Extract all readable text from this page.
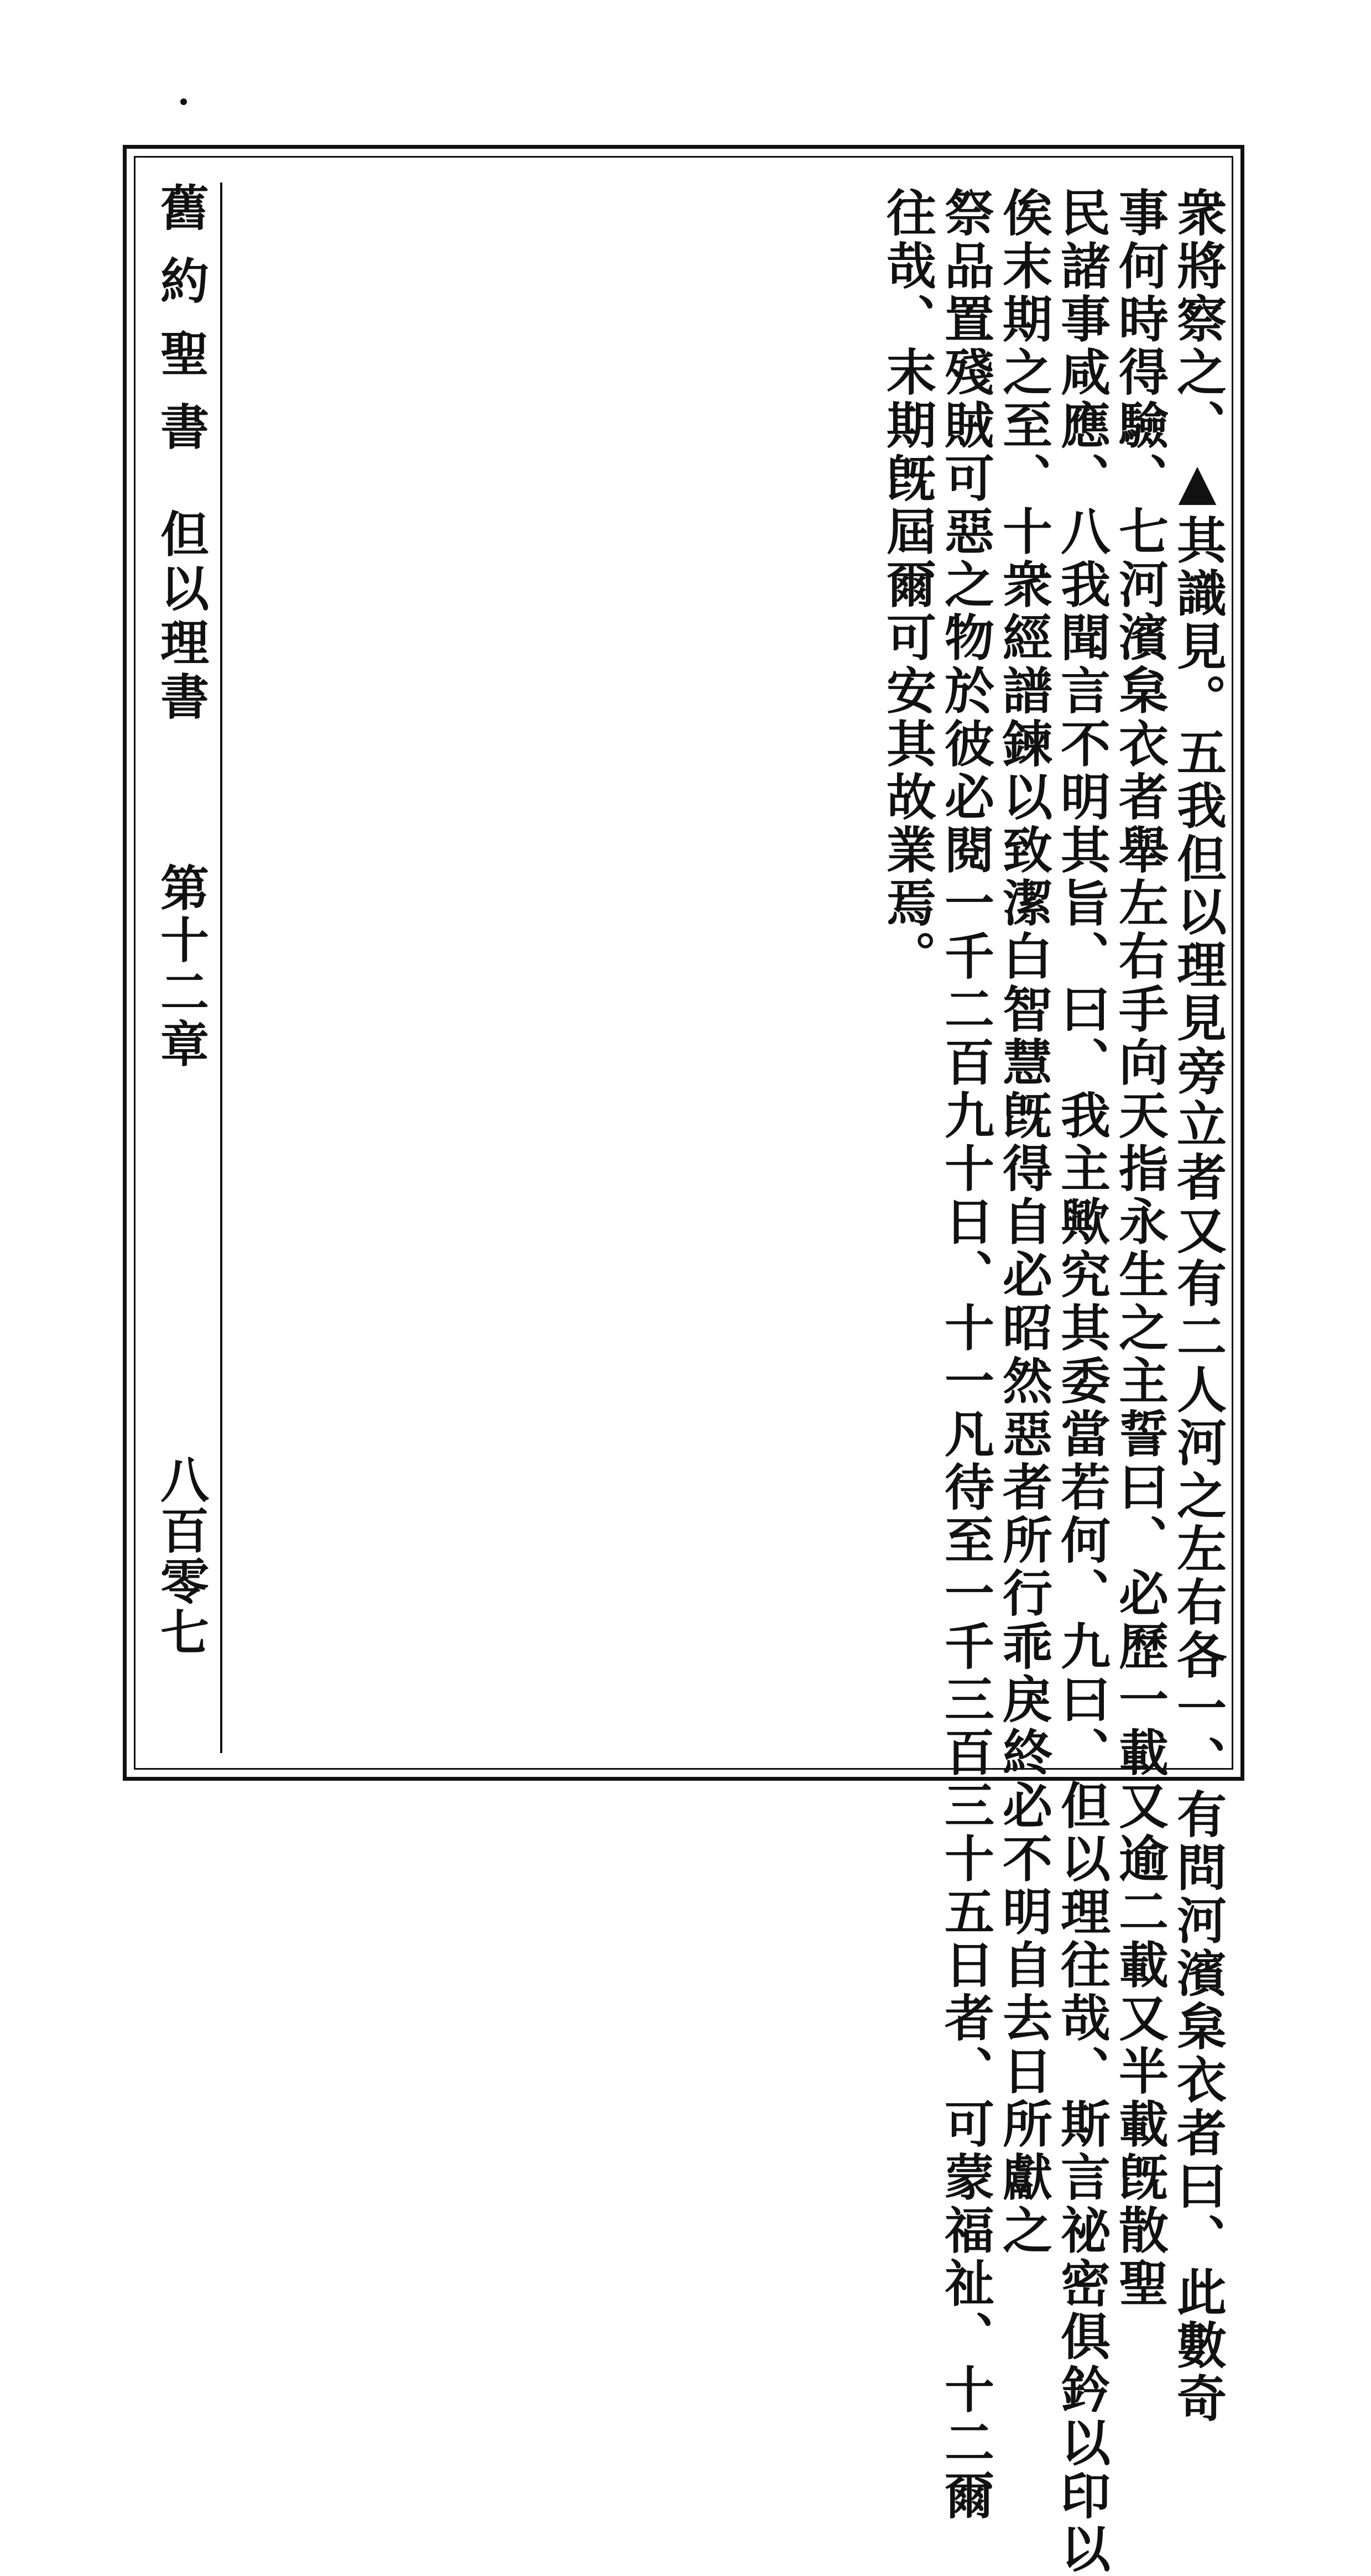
舊約聖書
但以理書
第十二章
八百零七	衆將察之、▲其識見。五我但以理見旁立者又有二人河之左右各一、有問河濱枲衣者曰、此數奇
事何時得驗、七河濱枲衣者舉左右手向天指永生之主誓曰、必歷一載又逾二載又半載旣散聖
民諸事咸應、八我聞言不明其旨、曰、我主歟究其委當若何、九曰、但以理往哉、斯言祕密俱鈐以印以
俟末期之至、十衆經譜鍊以致潔白智慧旣得自必昭然惡者所行乖戾終必不明自去日所獻之
祭品置殘賊可惡之物於彼必閱一千二百九十日、十一凡待至一千三百三十五日者、可蒙福祉、十二爾
往哉、末期旣屆爾可安其故業焉。
